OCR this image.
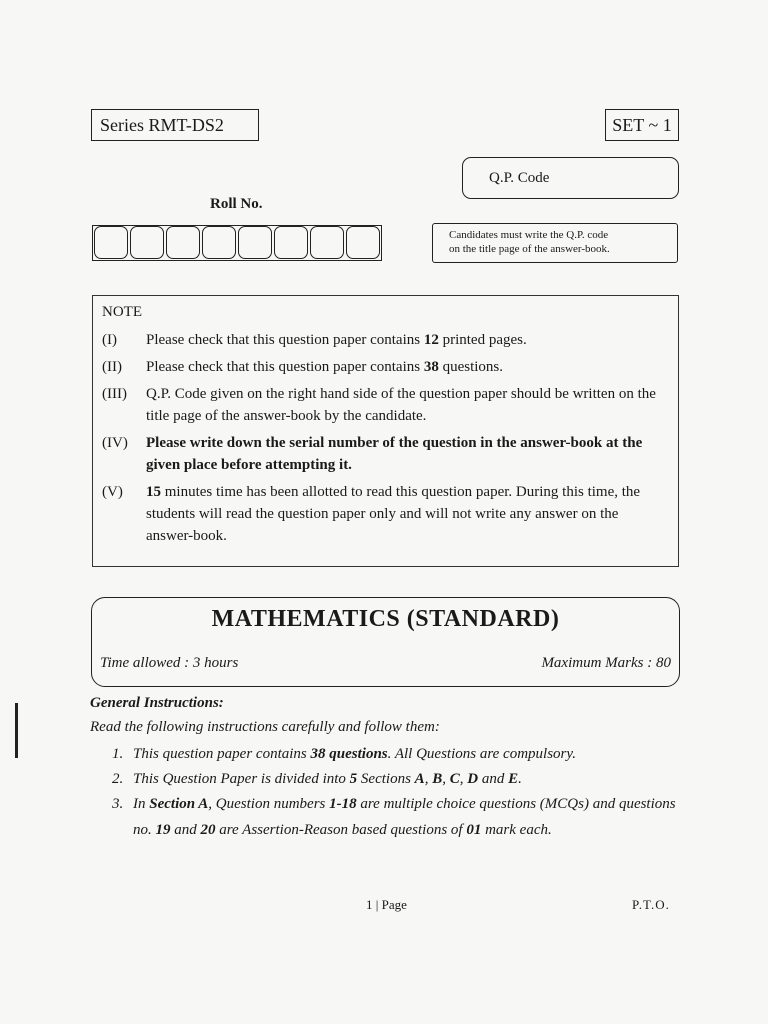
Series RMT-DS2	SET ~ 1
Q.P. Code
Roll No.
Candidates must write the Q.P. code
on the title page of the answer-book.
NOTE
(I)	Please check that this question paper contains 12 printed pages.
(II)	Please check that this question paper contains 38 questions.
(III)	Q.P. Code given on the right hand side of the question paper should be written on the title page of the answer-book by the candidate.
(IV)	Please write down the serial number of the question in the answer-book at the given place before attempting it.
(V)	15 minutes time has been allotted to read this question paper. During this time, the students will read the question paper only and will not write any answer on the answer-book.
MATHEMATICS (STANDARD)
Time allowed : 3 hours	Maximum Marks : 80
General Instructions:
Read the following instructions carefully and follow them:
1. This question paper contains 38 questions. All Questions are compulsory.
2. This Question Paper is divided into 5 Sections A, B, C, D and E.
3. In Section A, Question numbers 1-18 are multiple choice questions (MCQs) and questions no. 19 and 20 are Assertion-Reason based questions of 01 mark each.
1 | Page	P.T.O.
